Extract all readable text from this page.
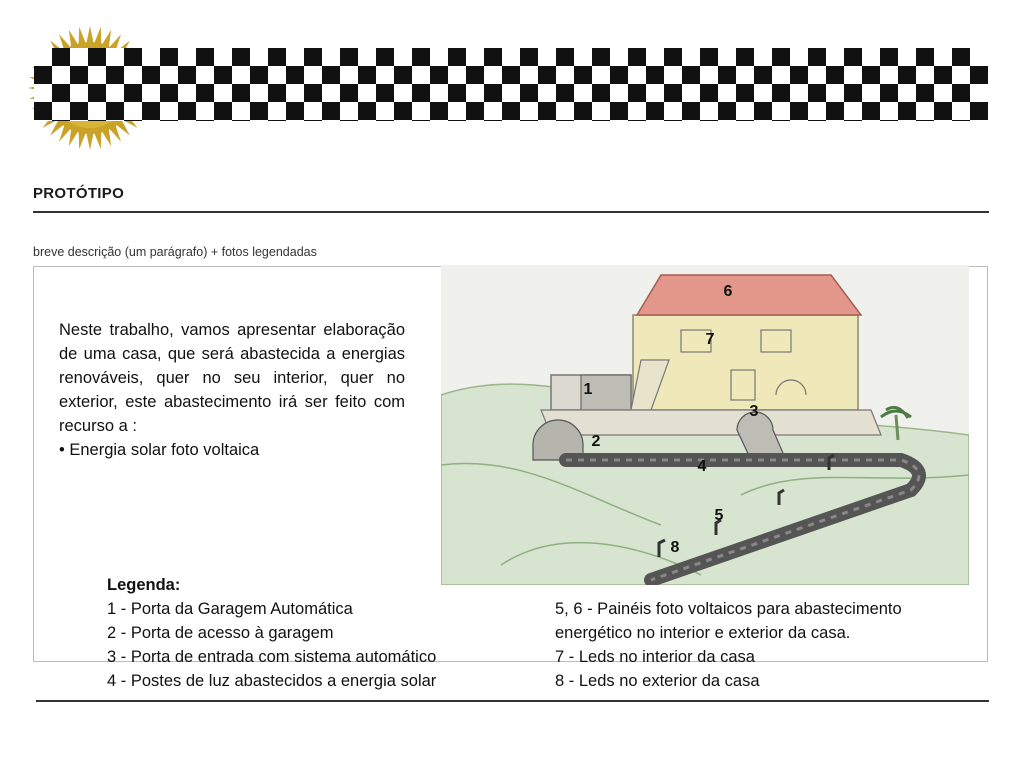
PROTÓTIPO
breve descrição (um parágrafo) + fotos legendadas
Neste trabalho, vamos apresentar elaboração de uma casa, que será abastecida a energias renováveis, quer no seu interior, quer no exterior, este abastecimento irá ser feito com recurso a :
• Energia solar foto voltaica
6
7
1
3
2
4
5
8
Legenda:
1 - Porta da Garagem Automática
2 - Porta de acesso à garagem
3 - Porta de entrada com sistema automático
4 - Postes de luz abastecidos a energia solar
5, 6 - Painéis foto voltaicos para abastecimento
energético no interior e exterior da casa.
7 - Leds no interior da casa
8 - Leds no exterior da casa
